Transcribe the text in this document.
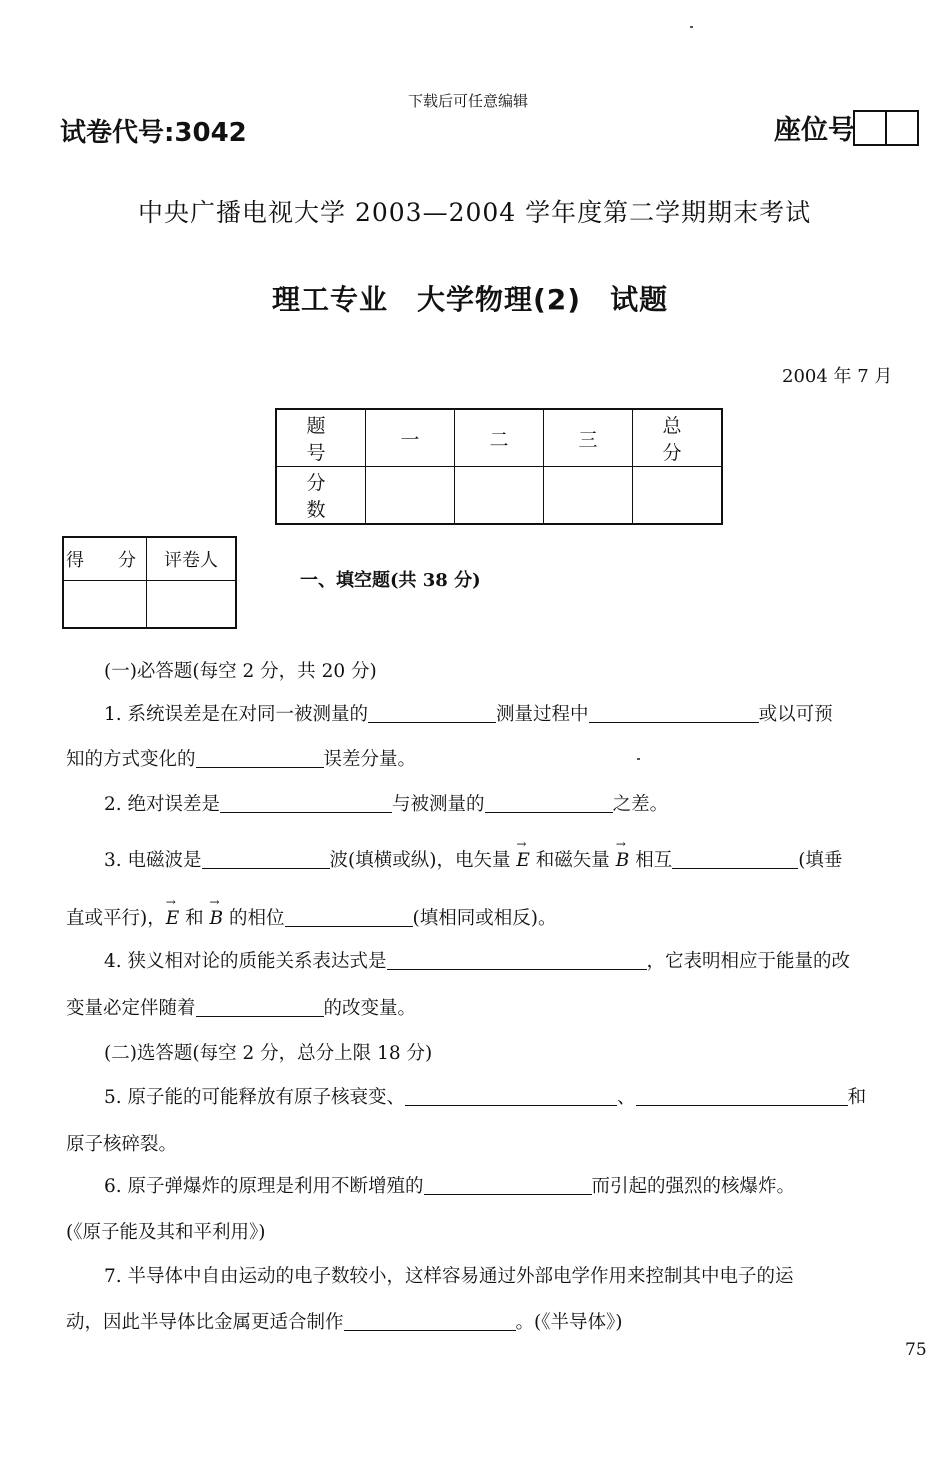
下载后可任意编辑
试卷代号:3042	座位号
中央广播电视大学 2003—2004 学年度第二学期期末考试
理工专业　大学物理(2)　试题
2004 年 7 月
题　号	一	二	三	总　分
分　数				
得　分	评卷人

一、填空题(共 38 分)
(一)必答题(每空 2 分，共 20 分)
1. 系统误差是在对同一被测量的	测量过程中	或以可预
知的方式变化的	误差分量。
2. 绝对误差是	与被测量的	之差。
3. 电磁波是	波(填横或纵)，电矢量 → E 和磁矢量 → B 相互	(填垂
直或平行)，→ E 和 → B 的相位	(填相同或相反)。
4. 狭义相对论的质能关系表达式是	，它表明相应于能量的改
变量必定伴随着	的改变量。
(二)选答题(每空 2 分，总分上限 18 分)
5. 原子能的可能释放有原子核衰变、	、	和
原子核碎裂。
6. 原子弹爆炸的原理是利用不断增殖的	而引起的强烈的核爆炸。
(《原子能及其和平利用》)
7. 半导体中自由运动的电子数较小，这样容易通过外部电学作用来控制其中电子的运
动，因此半导体比金属更适合制作	。(《半导体》)
75
